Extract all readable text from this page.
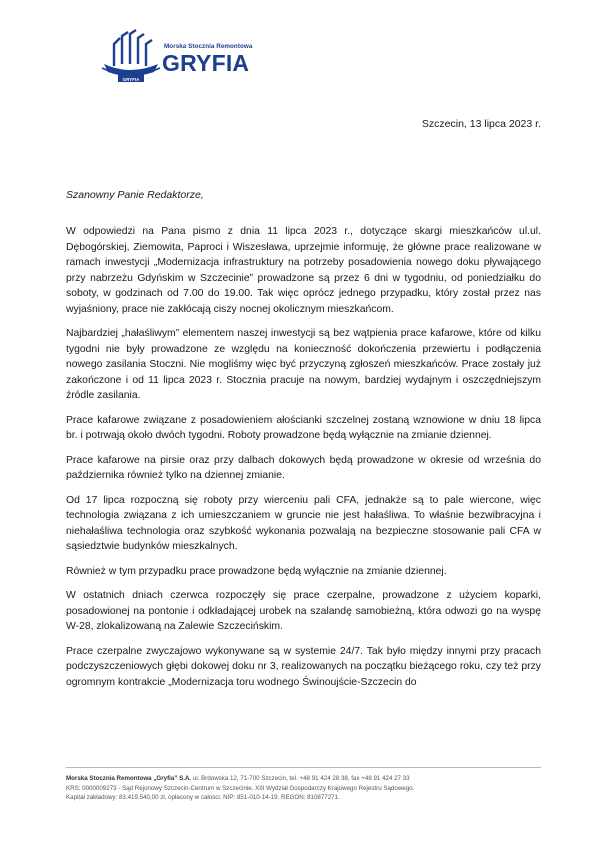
GRYFIA
Morska Stocznia Remontowa
GRYFIA
Szczecin, 13 lipca 2023 r.
Szanowny Panie Redaktorze,

W odpowiedzi na Pana pismo z dnia 11 lipca 2023 r., dotyczące skargi mieszkańców ul.ul. Dębogórskiej, Ziemowita, Paproci i Wiszesława, uprzejmie informuję, że główne prace realizowane w ramach inwestycji „Modernizacja infrastruktury na potrzeby posadowienia nowego doku pływającego przy nabrzeżu Gdyńskim w Szczecinie” prowadzone są przez 6 dni w tygodniu, od poniedziałku do soboty, w godzinach od 7.00 do 19.00. Tak więc oprócz jednego przypadku, który został przez nas wyjaśniony, prace nie zakłócają ciszy nocnej okolicznym mieszkańcom.

Najbardziej „hałaśliwym” elementem naszej inwestycji są bez wątpienia prace kafarowe, które od kilku tygodni nie były prowadzone ze względu na konieczność dokończenia przewiertu i podłączenia nowego zasilania Stoczni. Nie mogliśmy więc być przyczyną zgłoszeń mieszkańców. Prace zostały już zakończone i od 11 lipca 2023 r. Stocznia pracuje na nowym, bardziej wydajnym i oszczędniejszym źródle zasilania.

Prace kafarowe związane z posadowieniem ałościanki szczelnej zostaną wznowione w dniu 18 lipca br. i potrwają około dwóch tygodni. Roboty prowadzone będą wyłącznie na zmianie dziennej.

Prace kafarowe na pirsie oraz przy dalbach dokowych będą prowadzone w okresie od września do października również tylko na dziennej zmianie.

Od 17 lipca rozpoczną się roboty przy wierceniu pali CFA, jednakże są to pale wiercone, więc technologia związana z ich umieszczaniem w gruncie nie jest hałaśliwa. To właśnie bezwibracyjna i niehałaśliwa technologia oraz szybkość wykonania pozwalają na bezpieczne stosowanie pali CFA w sąsiedztwie budynków mieszkalnych.

Również w tym przypadku prace prowadzone będą wyłącznie na zmianie dziennej.

W ostatnich dniach czerwca rozpoczęły się prace czerpalne, prowadzone z użyciem koparki, posadowionej na pontonie i odkładającej urobek na szalandę samobieżną, która odwozi go na wyspę W-28, zlokalizowaną na Zalewie Szczecińskim.

Prace czerpalne zwyczajowo wykonywane są w systemie 24/7. Tak było między innymi przy pracach podczyszczeniowych głębi dokowej doku nr 3, realizowanych na początku bieżącego roku, czy też przy ogromnym kontrakcie „Modernizacja toru wodnego Świnoujście-Szczecin do

Morska Stocznia Remontowa „Gryfia” S.A. ul. Brdowska 12, 71-700 Szczecin, tel. +48 91 424 28 38, fax +48 91 424 27 33
KRS: 0000009273 - Sąd Rejonowy Szczecin-Centrum w Szczecinie, XIII Wydział Gospodarczy Krajowego Rejestru Sądowego.
Kapitał zakładowy: 83.419.540,00 zł, opłacony w całości. NIP: 851-010-14-19. REGON: 810877271.
